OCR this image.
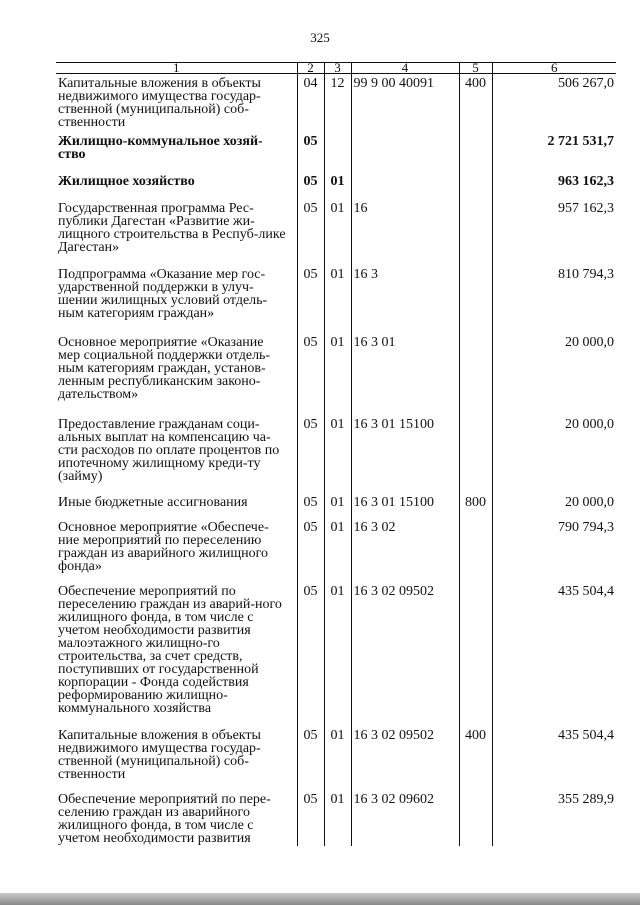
325
1	2	3	4	5	6
Капитальные вложения в объекты недвижимого имущества государ-ственной (муниципальной) соб-ственности	04	12	99 9 00 40091	400	506 267,0
Жилищно-коммунальное хозяй-ство	05				2 721 531,7
Жилищное хозяйство	05	01			963 162,3
Государственная программа Рес-публики Дагестан «Развитие жи-лищного строительства в Респуб-лике Дагестан»	05	01	16		957 162,3
Подпрограмма «Оказание мер гос-ударственной поддержки в улуч-шении жилищных условий отдель-ным категориям граждан»	05	01	16 3		810 794,3
Основное мероприятие «Оказание мер социальной поддержки отдель-ным категориям граждан, установ-ленным республиканским законо-дательством»	05	01	16 3 01		20 000,0
Предоставление гражданам соци-альных выплат на компенсацию ча-сти расходов по оплате процентов по ипотечному жилищному креди-ту (займу)	05	01	16 3 01 15100		20 000,0
Иные бюджетные ассигнования	05	01	16 3 01 15100	800	20 000,0
Основное мероприятие «Обеспече-ние мероприятий по переселению граждан из аварийного жилищного фонда»	05	01	16 3 02		790 794,3
Обеспечение мероприятий по переселению граждан из аварий-ного жилищного фонда, в том числе с учетом необходимости развития малоэтажного жилищно-го строительства, за счет средств, поступивших от государственной корпорации - Фонда содействия реформированию жилищно-коммунального хозяйства	05	01	16 3 02 09502		435 504,4
Капитальные вложения в объекты недвижимого имущества государ-ственной (муниципальной) соб-ственности	05	01	16 3 02 09502	400	435 504,4
Обеспечение мероприятий по пере-селению граждан из аварийного жилищного фонда, в том числе с учетом необходимости развития	05	01	16 3 02 09602		355 289,9
